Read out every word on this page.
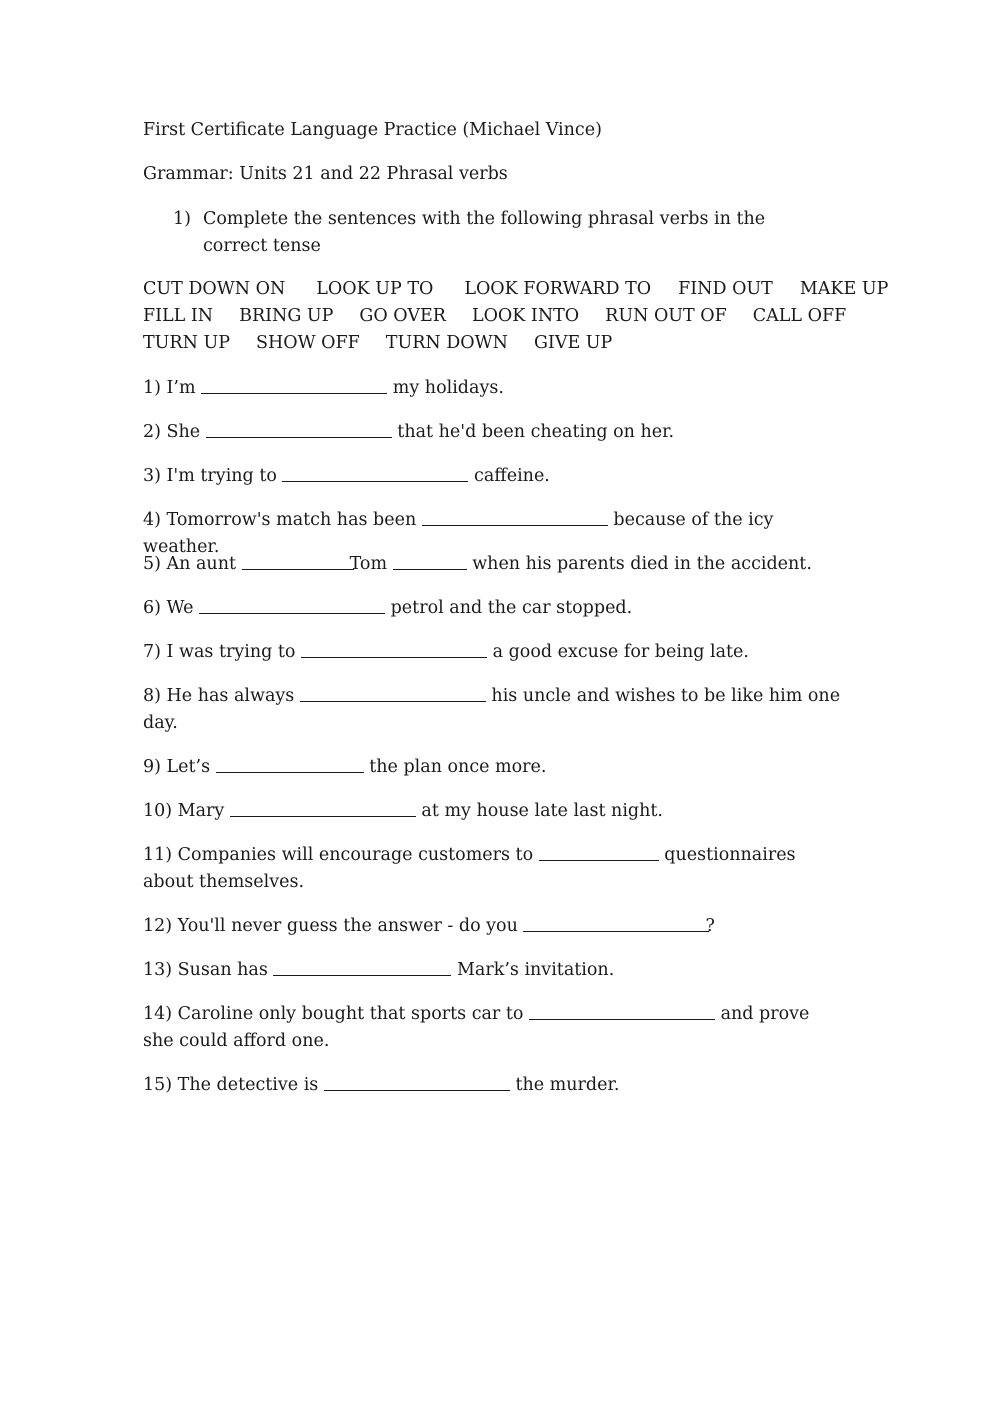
First Certificate Language Practice (Michael Vince)
Grammar: Units 21 and 22 Phrasal verbs
1) Complete the sentences with the following phrasal verbs in the correct tense
CUT DOWN ON LOOK UP TO LOOK FORWARD TO FIND OUT MAKE UP
FILL IN BRING UP GO OVER LOOK INTO RUN OUT OF CALL OFF
TURN UP SHOW OFF TURN DOWN GIVE UP
1) I’m	my holidays.
2) She	that he'd been cheating on her.
3) I'm trying to	caffeine.
4) Tomorrow's match has been	because of the icy weather.
5) An aunt	Tom	when his parents died in the accident.
6) We	petrol and the car stopped.
7) I was trying to	a good excuse for being late.
8) He has always	his uncle and wishes to be like him one day.
9) Let’s	the plan once more.
10) Mary	at my house late last night.
11) Companies will encourage customers to	questionnaires about themselves.
12) You'll never guess the answer - do you	?
13) Susan has	Mark’s invitation.
14) Caroline only bought that sports car to	and prove she could afford one.
15) The detective is	the murder.
